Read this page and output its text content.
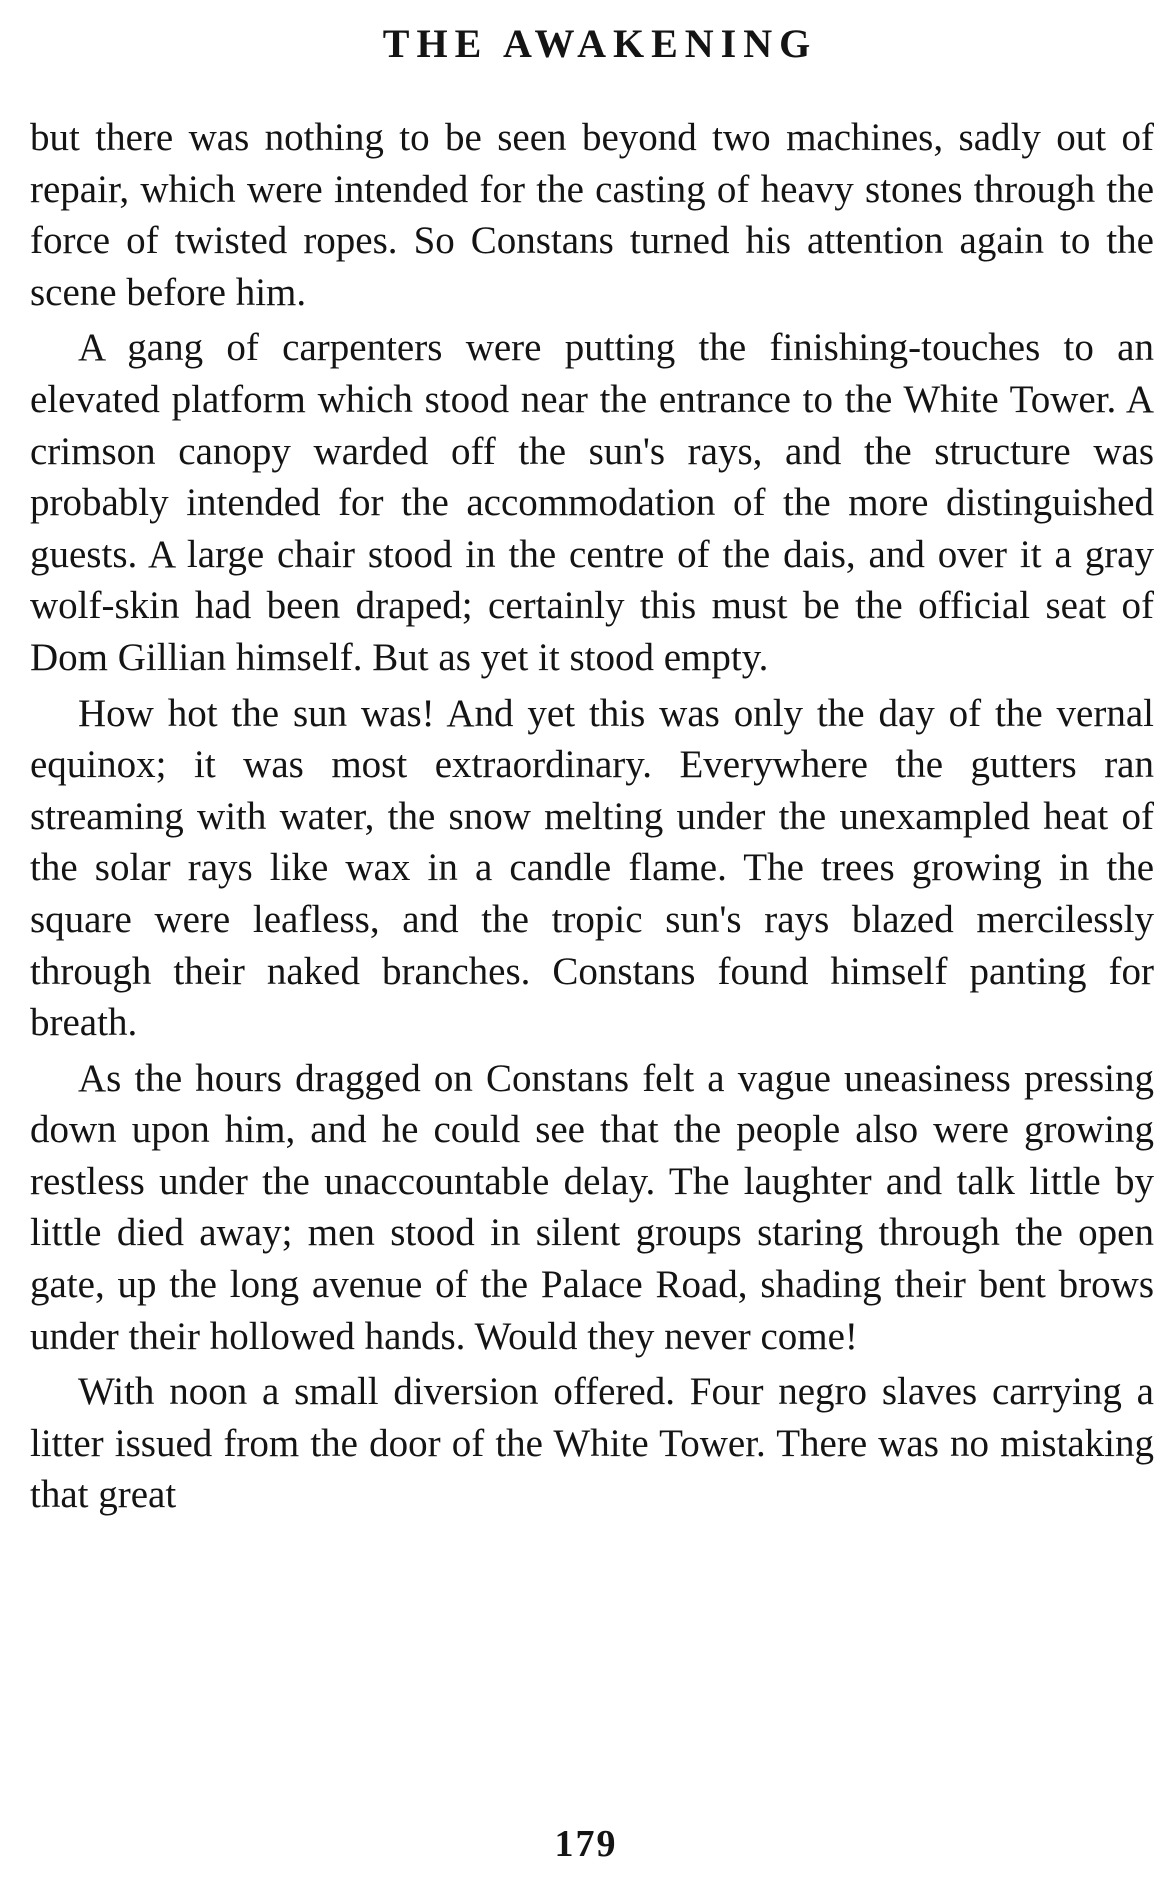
THE AWAKENING

but there was nothing to be seen beyond two machines, sadly out of repair, which were intended for the casting of heavy stones through the force of twisted ropes. So Constans turned his attention again to the scene before him.

A gang of carpenters were putting the finishing-touches to an elevated platform which stood near the entrance to the White Tower. A crimson canopy warded off the sun's rays, and the structure was probably intended for the accommodation of the more distinguished guests. A large chair stood in the centre of the dais, and over it a gray wolf-skin had been draped; certainly this must be the official seat of Dom Gillian himself. But as yet it stood empty.

How hot the sun was! And yet this was only the day of the vernal equinox; it was most extraordinary. Everywhere the gutters ran streaming with water, the snow melting under the unexampled heat of the solar rays like wax in a candle flame. The trees growing in the square were leafless, and the tropic sun's rays blazed mercilessly through their naked branches. Constans found himself panting for breath.

As the hours dragged on Constans felt a vague uneasiness pressing down upon him, and he could see that the people also were growing restless under the unaccountable delay. The laughter and talk little by little died away; men stood in silent groups staring through the open gate, up the long avenue of the Palace Road, shading their bent brows under their hollowed hands. Would they never come!

With noon a small diversion offered. Four negro slaves carrying a litter issued from the door of the White Tower. There was no mistaking that great

179
